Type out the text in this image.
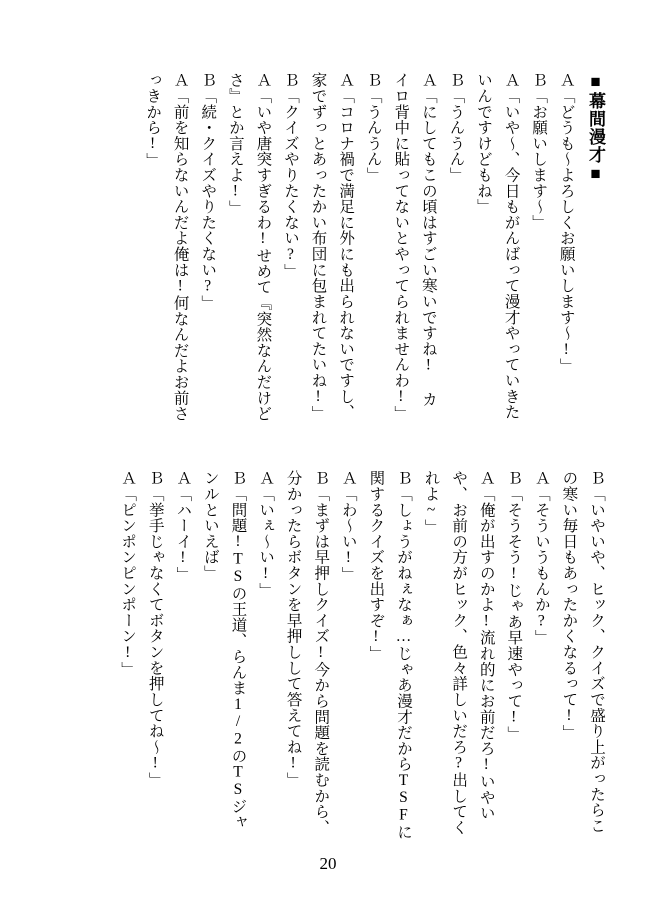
■幕間漫才■
Ａ「どうも～よろしくお願いします～!」
Ｂ「お願いします～」
Ａ「いや～、今日もがんばって漫才やっていきたいんですけどもね」
Ｂ「うんうん」
Ａ「にしてもこの頃はすごい寒いですね! カイロ背中に貼ってないとやってられませんわ!」
Ｂ「うんうん」
Ａ「コロナ禍で満足に外にも出られないですし、家でずっとあったかい布団に包まれてたいね!」
Ｂ「クイズやりたくない?」
Ａ「いや唐突すぎるわ!せめて『突然なんだけどさ』とか言えよ!」
Ｂ「続・クイズやりたくない?」
Ａ「前を知らないんだよ俺は!何なんだよお前さっきから!」
Ｂ「いやいや、ヒック、クイズで盛り上がったらこの寒い毎日もあったかくなるって!」
Ａ「そういうもんか?」
Ｂ「そうそう!じゃあ早速やって!」
Ａ「俺が出すのかよ!流れ的にお前だろ!いやいや、お前の方がヒック、色々詳しいだろ?出してくれよ~」
Ｂ「しょうがねぇなぁ…じゃあ漫才だからTSFに関するクイズを出すぞ!」
Ａ「わ～い!」
Ｂ「まずは早押しクイズ!今から問題を読むから、分かったらボタンを早押しして答えてね!」
Ａ「いぇ～い!」
Ｂ「問題!TSの王道、らんま1/2のTSジャンルといえば」
Ａ「ハーイ!」
Ｂ「挙手じゃなくてボタンを押してね～!」
Ａ「ピンポンピンポーン!」
20
